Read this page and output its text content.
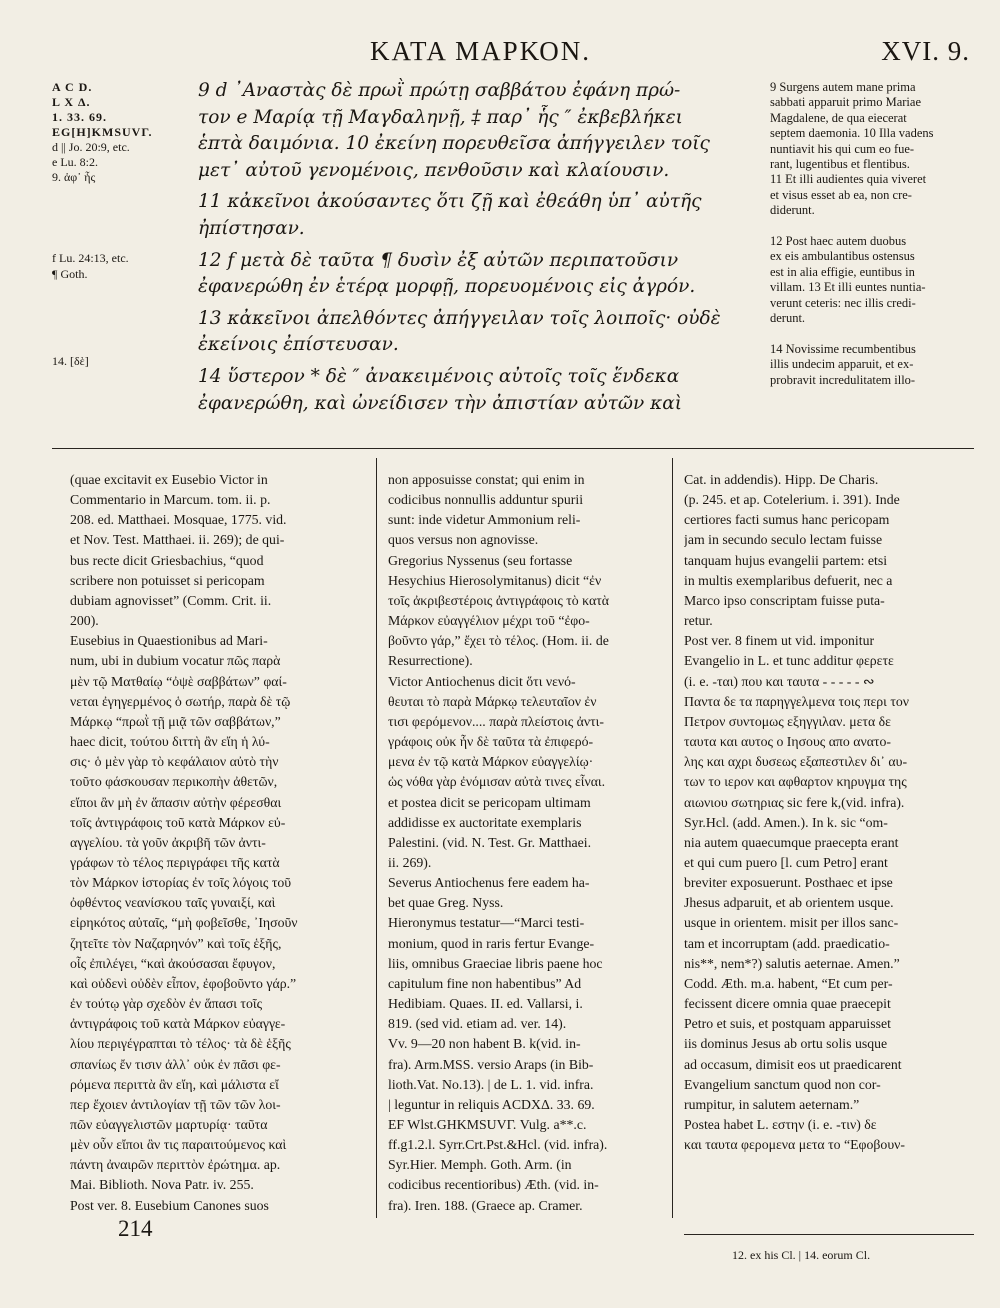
ΚΑΤΑ ΜΑΡΚΟΝ.	XVI. 9.
A C D.
L X Δ.
1. 33. 69.
EG[H]KMSUVΓ.
d || Jo. 20:9, etc.
e Lu. 8:2.
9. ἀφ᾽ ἧς
f Lu. 24:13, etc.
¶ Goth.
14. [δὲ]
9 d ᾿Αναστὰς δὲ πρωῒ πρώτῃ σαββάτου ἐφάνη πρώ-
τον e Μαρίᾳ τῇ Μαγδαληνῇ, ‡ παρ᾽ ἧς ″ ἐκβεβλήκει
ἑπτὰ δαιμόνια. 10 ἐκείνη πορευθεῖσα ἀπήγγειλεν τοῖς
μετ᾽ αὐτοῦ γενομένοις, πενθοῦσιν καὶ κλαίουσιν.
11 κἀκεῖνοι ἀκούσαντες ὅτι ζῇ καὶ ἐθεάθη ὑπ᾽ αὐτῆς
ἠπίστησαν.
12 f μετὰ δὲ ταῦτα ¶ δυσὶν ἐξ αὐτῶν περιπατοῦσιν
ἐφανερώθη ἐν ἑτέρᾳ μορφῇ, πορευομένοις εἰς ἀγρόν.
13 κἀκεῖνοι ἀπελθόντες ἀπήγγειλαν τοῖς λοιποῖς· οὐδὲ
ἐκείνοις ἐπίστευσαν.
14 ὕστερον * δὲ ″ ἀνακειμένοις αὐτοῖς τοῖς ἕνδεκα
ἐφανερώθη, καὶ ὠνείδισεν τὴν ἀπιστίαν αὐτῶν καὶ
9 Surgens autem mane prima
sabbati apparuit primo Mariae
Magdalene, de qua eiecerat
septem daemonia. 10 Illa vadens
nuntiavit his qui cum eo fue-
rant, lugentibus et flentibus.
11 Et illi audientes quia viveret
et visus esset ab ea, non cre-
diderunt.

12 Post haec autem duobus
ex eis ambulantibus ostensus
est in alia effigie, euntibus in
villam. 13 Et illi euntes nuntia-
verunt ceteris: nec illis credi-
derunt.

14 Novissime recumbentibus
illis undecim apparuit, et ex-
probravit incredulitatem illo-
(quae excitavit ex Eusebio Victor in
Commentario in Marcum. tom. ii. p.
208. ed. Matthaei. Mosquae, 1775. vid.
et Nov. Test. Matthaei. ii. 269); de qui-
bus recte dicit Griesbachius, “quod
scribere non potuisset si pericopam
dubiam agnovisset” (Comm. Crit. ii.
200).
Eusebius in Quaestionibus ad Mari-
num, ubi in dubium vocatur πῶς παρὰ
μὲν τῷ Ματθαίῳ “ὀψὲ σαββάτων” φαί-
νεται ἐγηγερμένος ὁ σωτήρ, παρὰ δὲ τῷ
Μάρκῳ “πρωῒ τῇ μιᾷ τῶν σαββάτων,”
haec dicit, τούτου διττὴ ἂν εἴη ἡ λύ-
σις· ὁ μὲν γὰρ τὸ κεφάλαιον αὐτὸ τὴν
τοῦτο φάσκουσαν περικοπὴν ἀθετῶν,
εἴποι ἂν μὴ ἐν ἅπασιν αὐτὴν φέρεσθαι
τοῖς ἀντιγράφοις τοῦ κατὰ Μάρκον εὐ-
αγγελίου. τὰ γοῦν ἀκριβῆ τῶν ἀντι-
γράφων τὸ τέλος περιγράφει τῆς κατὰ
τὸν Μάρκον ἱστορίας ἐν τοῖς λόγοις τοῦ
ὀφθέντος νεανίσκου ταῖς γυναιξί, καὶ
εἰρηκότος αὐταῖς, “μὴ φοβεῖσθε, ᾿Ιησοῦν
ζητεῖτε τὸν Ναζαρηνόν” καὶ τοῖς ἑξῆς,
οἷς ἐπιλέγει, “καὶ ἀκούσασαι ἔφυγον,
καὶ οὐδενὶ οὐδὲν εἶπον, ἐφοβοῦντο γάρ.”
ἐν τούτῳ γὰρ σχεδὸν ἐν ἅπασι τοῖς
ἀντιγράφοις τοῦ κατὰ Μάρκον εὐαγγε-
λίου περιγέγραπται τὸ τέλος· τὰ δὲ ἑξῆς
σπανίως ἔν τισιν ἀλλ᾽ οὐκ ἐν πᾶσι φε-
ρόμενα περιττὰ ἂν εἴη, καὶ μάλιστα εἴ
περ ἔχοιεν ἀντιλογίαν τῇ τῶν τῶν λοι-
πῶν εὐαγγελιστῶν μαρτυρίᾳ· ταῦτα
μὲν οὖν εἴποι ἂν τις παραιτούμενος καὶ
πάντη ἀναιρῶν περιττὸν ἐρώτημα. ap.
Mai. Biblioth. Nova Patr. iv. 255.
Post ver. 8. Eusebium Canones suos
non apposuisse constat; qui enim in
codicibus nonnullis adduntur spurii
sunt: inde videtur Ammonium reli-
quos versus non agnovisse.
Gregorius Nyssenus (seu fortasse
Hesychius Hierosolymitanus) dicit “ἐν
τοῖς ἀκριβεστέροις ἀντιγράφοις τὸ κατὰ
Μάρκον εὐαγγέλιον μέχρι τοῦ “ἐφο-
βοῦντο γάρ,” ἔχει τὸ τέλος. (Hom. ii. de
Resurrectione).
Victor Antiochenus dicit ὅτι νενό-
θευται τὸ παρὰ Μάρκῳ τελευταῖον ἐν
τισι φερόμενον.... παρὰ πλείστοις ἀντι-
γράφοις οὐκ ἦν δὲ ταῦτα τὰ ἐπιφερό-
μενα ἐν τῷ κατὰ Μάρκον εὐαγγελίῳ·
ὡς νόθα γὰρ ἐνόμισαν αὐτὰ τινες εἶναι.
et postea dicit se pericopam ultimam
addidisse ex auctoritate exemplaris
Palestini. (vid. N. Test. Gr. Matthaei.
ii. 269).
Severus Antiochenus fere eadem ha-
bet quae Greg. Nyss.
Hieronymus testatur—“Marci testi-
monium, quod in raris fertur Evange-
liis, omnibus Graeciae libris paene hoc
capitulum fine non habentibus” Ad
Hedibiam. Quaes. II. ed. Vallarsi, i.
819. (sed vid. etiam ad. ver. 14).
Vv. 9—20 non habent B. k(vid. in-
fra). Arm.MSS. versio Araps (in Bib-
lioth.Vat. No.13). | de L. 1. vid. infra.
| leguntur in reliquis ACDXΔ. 33. 69.
EF Wlst.GHKMSUVΓ. Vulg. a**.c.
ff.g1.2.l. Syrr.Crt.Pst.&Hcl. (vid. infra).
Syr.Hier. Memph. Goth. Arm. (in
codicibus recentioribus) Æth. (vid. in-
fra). Iren. 188. (Graece ap. Cramer.
Cat. in addendis). Hipp. De Charis.
(p. 245. et ap. Cotelerium. i. 391). Inde
certiores facti sumus hanc pericopam
jam in secundo seculo lectam fuisse
tanquam hujus evangelii partem: etsi
in multis exemplaribus defuerit, nec a
Marco ipso conscriptam fuisse puta-
retur.
Post ver. 8 finem ut vid. imponitur
Evangelio in L. et tunc additur φερετε
(i. e. -ται) που και ταυτα - - - - - ∾
Παντα δε τα παρηγγελμενα τοις περι τον
Πετρον συντομως εξηγγιλαν. μετα δε
ταυτα και αυτος ο Ιησους απο ανατο-
λης και αχρι δυσεως εξαπεστιλεν δι᾽ αυ-
των το ιερον και αφθαρτον κηρυγμα της
αιωνιου σωτηριας sic fere k,(vid. infra).
Syr.Hcl. (add. Amen.). In k. sic “om-
nia autem quaecumque praecepta erant
et qui cum puero [l. cum Petro] erant
breviter exposuerunt. Posthaec et ipse
Jhesus adparuit, et ab orientem usque.
usque in orientem. misit per illos sanc-
tam et incorruptam (add. praedicatio-
nis**, nem*?) salutis aeternae. Amen.”
Codd. Æth. m.a. habent, “Et cum per-
fecissent dicere omnia quae praecepit
Petro et suis, et postquam apparuisset
iis dominus Jesus ab ortu solis usque
ad occasum, dimisit eos ut praedicarent
Evangelium sanctum quod non cor-
rumpitur, in salutem aeternam.”
Postea habet L. εστην (i. e. -τιν) δε
και ταυτα φερομενα μετα το “Εφοβουν-
12. ex his Cl. | 14. eorum Cl.
214
